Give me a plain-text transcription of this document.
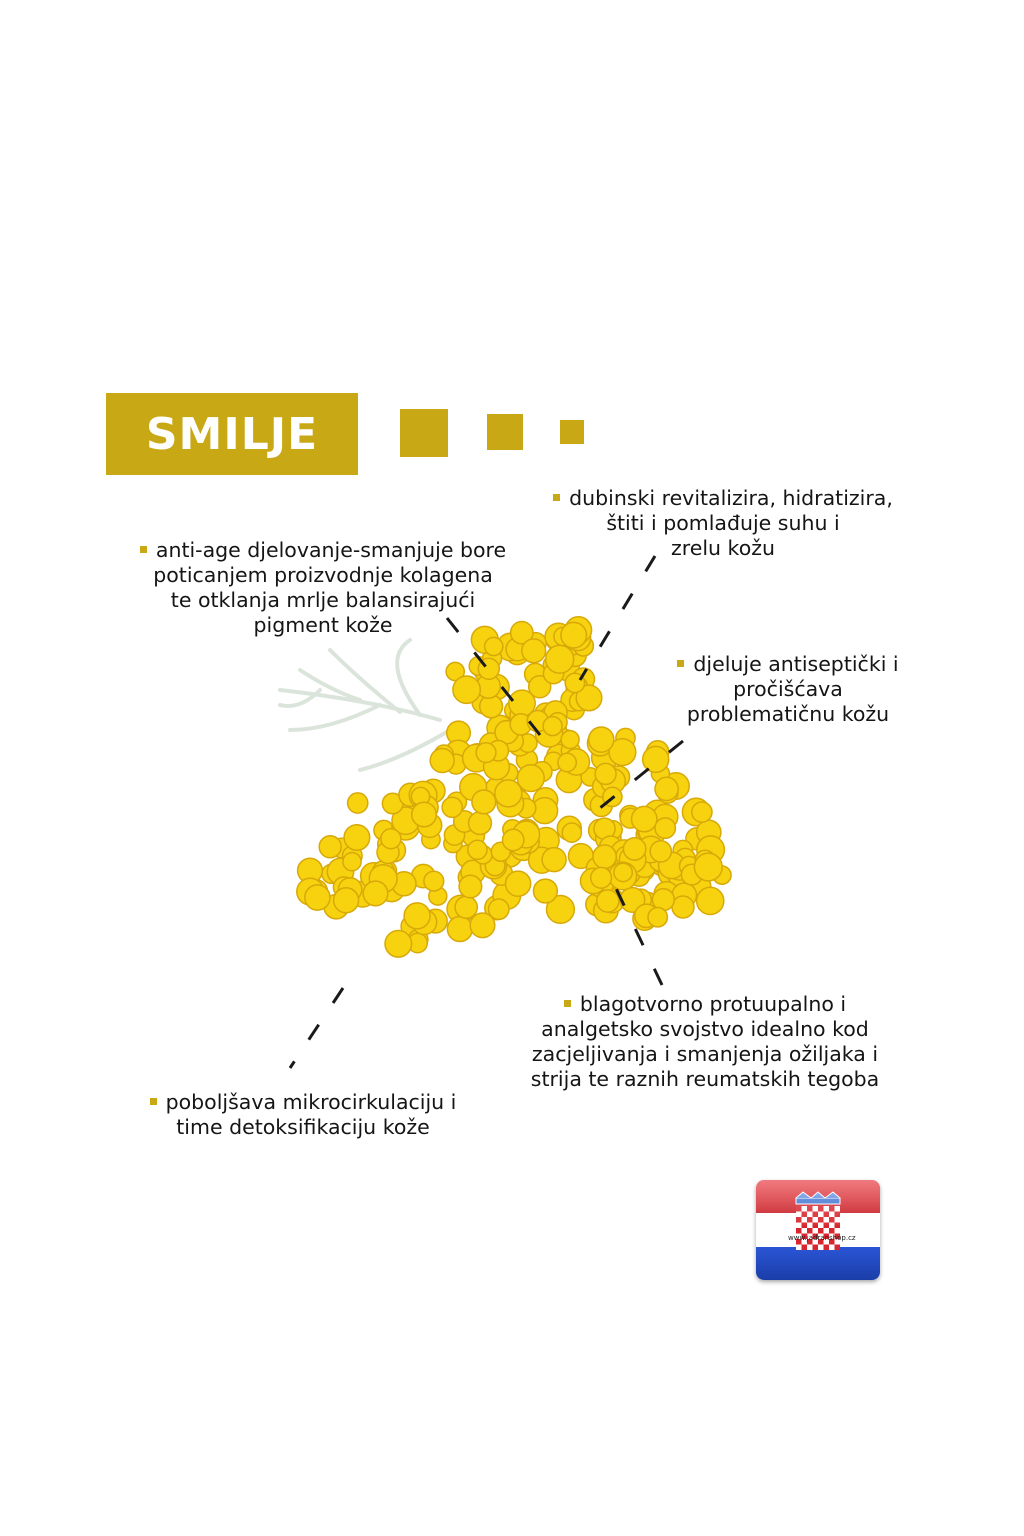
SMILJE
dubinski revitalizira, hidratizira,
štiti i pomlađuje suhu i
zrelu kožu
anti-age djelovanje-smanjuje bore
poticanjem proizvodnje kolagena
te otklanja mrlje balansirajući
pigment kože
djeluje antiseptički i
pročišćava
problematičnu kožu
blagotvorno protuupalno i
analgetsko svojstvo idealno kod
zacjeljivanja i smanjenja ožiljaka i
strija te raznih reumatskih tegoba
poboljšava mikrocirkulaciju i
time detoksifikaciju kože
www.jadranshop.cz
